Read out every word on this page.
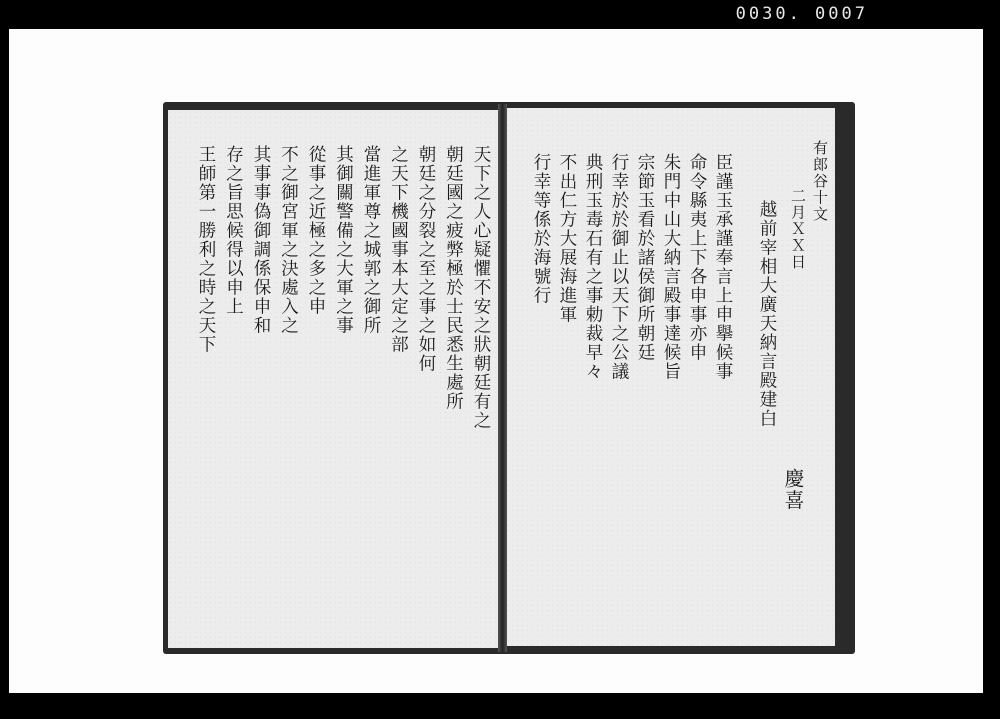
0030. 0007
天下之人心疑懼不安之狀朝廷有之
朝廷國之疲弊極於士民悉生處所
朝廷之分裂之至之事之如何
之天下機國事本大定之部
當進軍尊之城郭之御所
其御關警備之大軍之事
從事之近極之多之申
不之御宮軍之決處入之
其事事偽御調係保申和
存之旨思候得以申上
王師第一勝利之時之天下	有郎谷十文
二月ＸＸ日
越前宰相大廣天納言殿建白
慶喜
臣謹玉承謹奉言上申擧候事
命令縣夷上下各申事亦申
朱門中山大納言殿事達候旨
宗節玉看於諸侯御所朝廷
行幸於於御止以天下之公議
典刑玉毒石有之事勅裁早々
不出仁方大展海進軍
行幸等係於海號行
